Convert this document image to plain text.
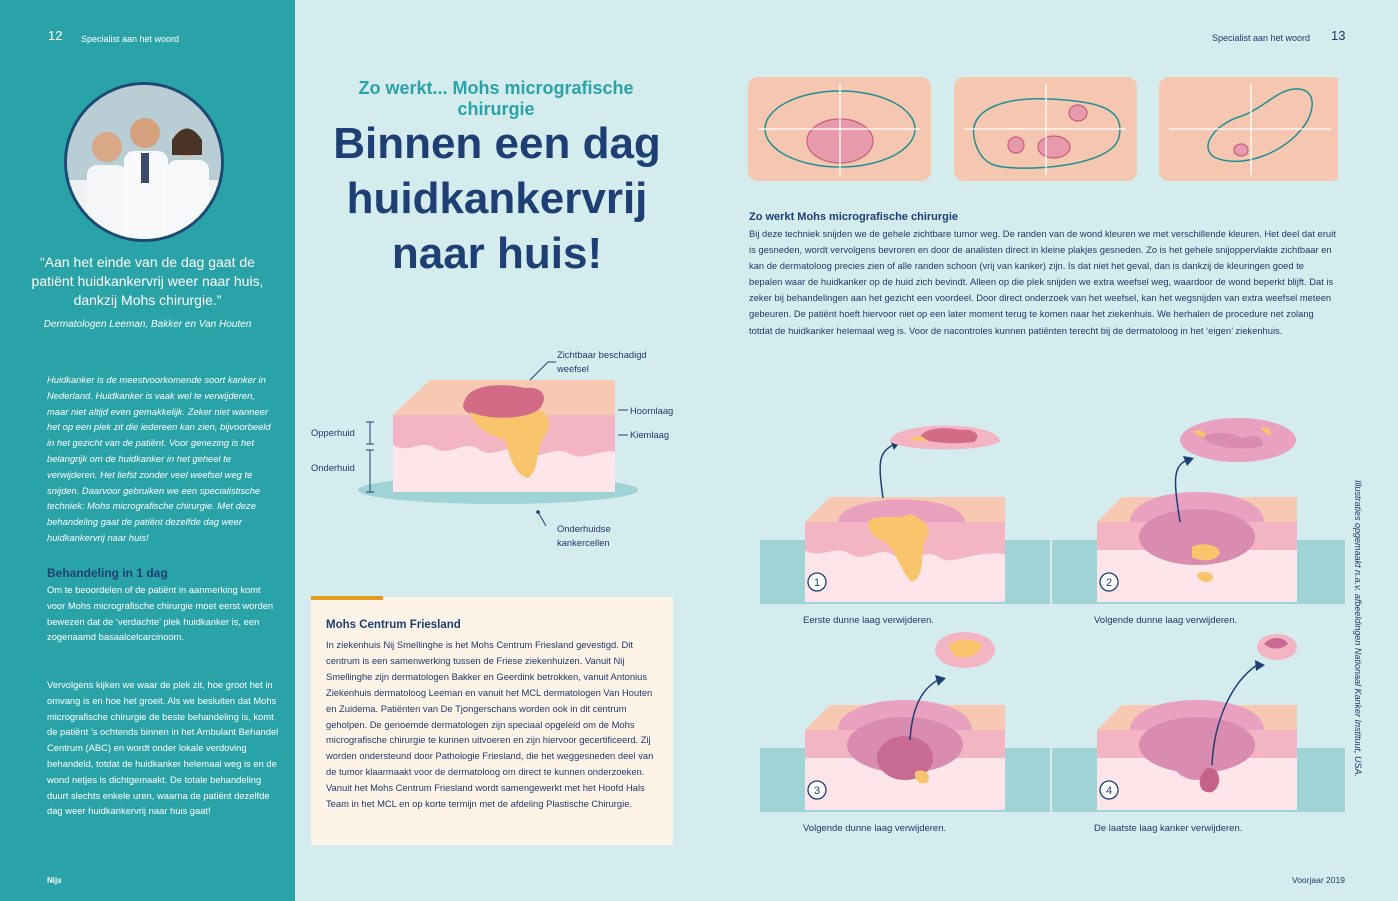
12 Specialist aan het woord
“Aan het einde van de dag gaat de patiënt huidkankervrij weer naar huis, dankzij Mohs chirurgie.”
Dermatologen Leeman, Bakker en Van Houten
Huidkanker is de meestvoorkomende soort kanker in Nederland. Huidkanker is vaak wel te verwijderen, maar niet altijd even gemakkelijk. Zeker niet wanneer het op een plek zit die iedereen kan zien, bijvoorbeeld in het gezicht van de patiënt. Voor genezing is het belangrijk om de huidkanker in het geheel te verwijderen. Het liefst zonder veel weefsel weg te snijden. Daarvoor gebruiken we een specialistische techniek: Mohs micrografische chirurgie. Met deze behandeling gaat de patiënt dezelfde dag weer huidkankervrij naar huis!
Behandeling in 1 dag
Om te beoordelen of de patiënt in aanmerking komt voor Mohs micrografische chirurgie moet eerst worden bewezen dat de ‘verdachte’ plek huidkanker is, een zogenaamd basaalcelcarcinoom.
Vervolgens kijken we waar de plek zit, hoe groot het in omvang is en hoe het groeit. Als we besluiten dat Mohs micrografische chirurgie de beste behandeling is, komt de patiënt ’s ochtends binnen in het Ambulant Behandel Centrum (ABC) en wordt onder lokale verdoving behandeld, totdat de huidkanker helemaal weg is en de wond netjes is dichtgemaakt. De totale behandeling duurt slechts enkele uren, waarna de patiënt dezelfde dag weer huidkankervrij naar huis gaat!
Nijs
Specialist aan het woord 13
Zo werkt... Mohs micrografische chirurgie
Binnen een dag
huidkankervrij
naar huis!
Zichtbaar beschadigd weefsel
Hoornlaag
Kiemlaag
Opperhuid
Onderhuid
Onderhuidse kankercellen
Zo werkt Mohs micrografische chirurgie
Bij deze techniek snijden we de gehele zichtbare tumor weg. De randen van de wond kleuren we met verschillende kleuren. Het deel dat eruit is gesneden, wordt vervolgens bevroren en door de analisten direct in kleine plakjes gesneden. Zo is het gehele snijoppervlakte zichtbaar en kan de dermatoloog precies zien of alle randen schoon (vrij van kanker) zijn. Is dat niet het geval, dan is dankzij de kleuringen goed te bepalen waar de huidkanker op de huid zich bevindt. Alleen op die plek snijden we extra weefsel weg, waardoor de wond beperkt blijft. Dat is zeker bij behandelingen aan het gezicht een voordeel. Door direct onderzoek van het weefsel, kan het wegsnijden van extra weefsel meteen gebeuren. De patiënt hoeft hiervoor niet op een later moment terug te komen naar het ziekenhuis. We herhalen de procedure net zolang totdat de huidkanker helemaal weg is. Voor de nacontroles kunnen patiënten terecht bij de dermatoloog in het ‘eigen’ ziekenhuis.
Mohs Centrum Friesland
In ziekenhuis Nij Smellinghe is het Mohs Centrum Friesland gevestigd. Dit centrum is een samenwerking tussen de Friese ziekenhuizen. Vanuit Nij Smellinghe zijn dermatologen Bakker en Geerdink betrokken, vanuit Antonius Ziekenhuis dermatoloog Leeman en vanuit het MCL dermatologen Van Houten en Zuidema. Patiënten van De Tjongerschans worden ook in dit centrum geholpen. De genoemde dermatologen zijn speciaal opgeleid om de Mohs micrografische chirurgie te kunnen uitvoeren en zijn hiervoor gecertificeerd. Zij worden ondersteund door Pathologie Friesland, die het weggesneden deel van de tumor klaarmaakt voor de dermatoloog om direct te kunnen onderzoeken. Vanuit het Mohs Centrum Friesland wordt samengewerkt met het Hoofd Hals Team in het MCL en op korte termijn met de afdeling Plastische Chirurgie.
1
Eerste dunne laag verwijderen.
2
Volgende dunne laag verwijderen.
3
Volgende dunne laag verwijderen.
4
De laatste laag kanker verwijderen.
Illustraties opgemaakt n.a.v. afbeeldingen Nationaal Kanker Instituut, USA.
Voorjaar 2019
